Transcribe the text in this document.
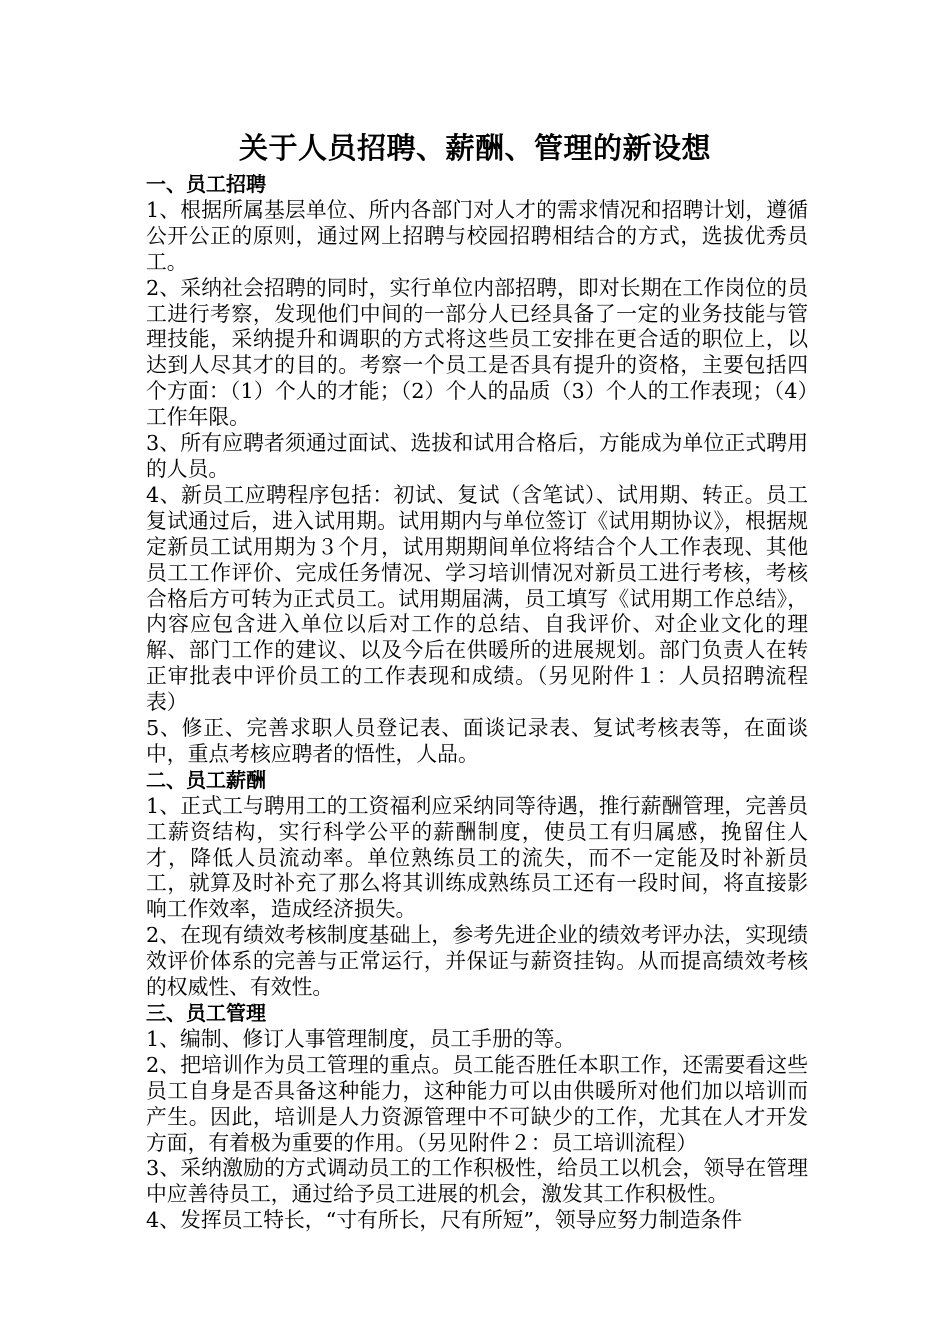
关于人员招聘、薪酬、管理的新设想

一、员工招聘

1、根据所属基层单位、所内各部门对人才的需求情况和招聘计划，遵循公开公正的原则，通过网上招聘与校园招聘相结合的方式，选拔优秀员工。

2、采纳社会招聘的同时，实行单位内部招聘，即对长期在工作岗位的员工进行考察，发现他们中间的一部分人已经具备了一定的业务技能与管理技能，采纳提升和调职的方式将这些员工安排在更合适的职位上，以达到人尽其才的目的。考察一个员工是否具有提升的资格，主要包括四个方面：（1）个人的才能；（2）个人的品质（3）个人的工作表现；（4）工作年限。

3、所有应聘者须通过面试、选拔和试用合格后，方能成为单位正式聘用的人员。

4、新员工应聘程序包括：初试、复试（含笔试）、试用期、转正。员工复试通过后，进入试用期。试用期内与单位签订《试用期协议》，根据规定新员工试用期为３个月，试用期期间单位将结合个人工作表现、其他员工工作评价、完成任务情况、学习培训情况对新员工进行考核，考核合格后方可转为正式员工。试用期届满，员工填写《试用期工作总结》，内容应包含进入单位以后对工作的总结、自我评价、对企业文化的理解、部门工作的建议、以及今后在供暖所的进展规划。部门负责人在转正审批表中评价员工的工作表现和成绩。（另见附件１：人员招聘流程表）

5、修正、完善求职人员登记表、面谈记录表、复试考核表等，在面谈中，重点考核应聘者的悟性，人品。

二、员工薪酬

1、正式工与聘用工的工资福利应采纳同等待遇，推行薪酬管理，完善员工薪资结构，实行科学公平的薪酬制度，使员工有归属感，挽留住人才，降低人员流动率。单位熟练员工的流失，而不一定能及时补新员工，就算及时补充了那么将其训练成熟练员工还有一段时间，将直接影响工作效率，造成经济损失。

2、在现有绩效考核制度基础上，参考先进企业的绩效考评办法，实现绩效评价体系的完善与正常运行，并保证与薪资挂钩。从而提高绩效考核的权威性、有效性。

三、员工管理

1、编制、修订人事管理制度，员工手册的等。

2、把培训作为员工管理的重点。员工能否胜任本职工作，还需要看这些员工自身是否具备这种能力，这种能力可以由供暖所对他们加以培训而产生。因此，培训是人力资源管理中不可缺少的工作，尤其在人才开发方面，有着极为重要的作用。（另见附件２：员工培训流程）

3、采纳激励的方式调动员工的工作积极性，给员工以机会，领导在管理中应善待员工，通过给予员工进展的机会，激发其工作积极性。

4、发挥员工特长，“寸有所长，尺有所短”，领导应努力制造条件
